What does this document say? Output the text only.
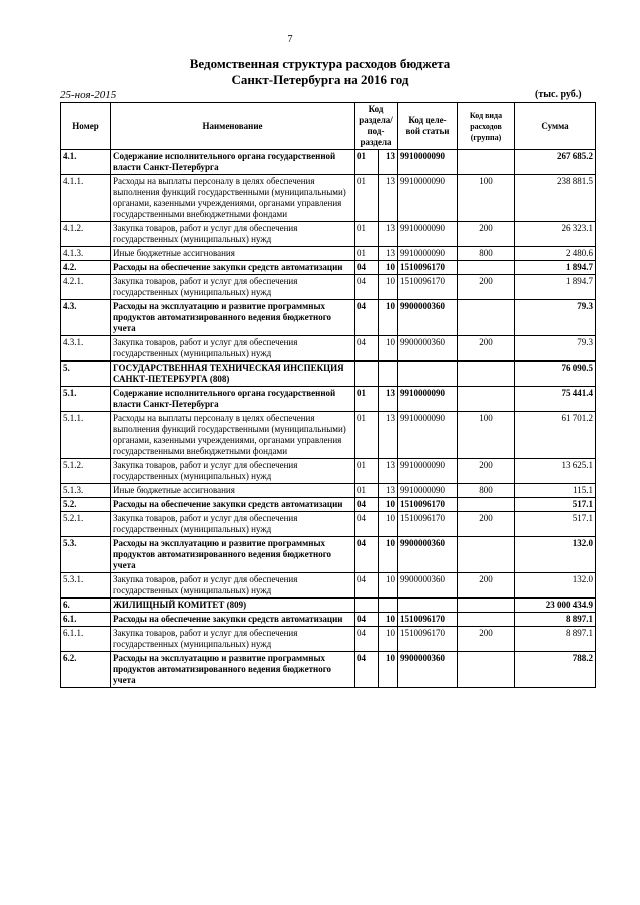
7
Ведомственная структура расходов бюджета
Санкт-Петербурга на 2016 год
25-ноя-2015	(тыс. руб.)
Номер	Наименование	Код раздела/ под- раздела		Код целе- вой статьи	Код вида расходов (группа)	Сумма
4.1.	Содержание исполнительного органа государственной власти Санкт-Петербурга	01	13	9910000090		267 685.2
4.1.1.	Расходы на выплаты персоналу в целях обеспечения выполнения функций государственными (муниципальными) органами, казенными учреждениями, органами управления государственными внебюджетными фондами	01	13	9910000090	100	238 881.5
4.1.2.	Закупка товаров, работ и услуг для обеспечения государственных (муниципальных) нужд	01	13	9910000090	200	26 323.1
4.1.3.	Иные бюджетные ассигнования	01	13	9910000090	800	2 480.6
4.2.	Расходы на обеспечение закупки средств автоматизации	04	10	1510096170		1 894.7
4.2.1.	Закупка товаров, работ и услуг для обеспечения государственных (муниципальных) нужд	04	10	1510096170	200	1 894.7
4.3.	Расходы на эксплуатацию и развитие программных продуктов автоматизированного ведения бюджетного учета	04	10	9900000360		79.3
4.3.1.	Закупка товаров, работ и услуг для обеспечения государственных (муниципальных) нужд	04	10	9900000360	200	79.3
5.	ГОСУДАРСТВЕННАЯ ТЕХНИЧЕСКАЯ ИНСПЕКЦИЯ САНКТ-ПЕТЕРБУРГА (808)					76 090.5
5.1.	Содержание исполнительного органа государственной власти Санкт-Петербурга	01	13	9910000090		75 441.4
5.1.1.	Расходы на выплаты персоналу в целях обеспечения выполнения функций государственными (муниципальными) органами, казенными учреждениями, органами управления государственными внебюджетными фондами	01	13	9910000090	100	61 701.2
5.1.2.	Закупка товаров, работ и услуг для обеспечения государственных (муниципальных) нужд	01	13	9910000090	200	13 625.1
5.1.3.	Иные бюджетные ассигнования	01	13	9910000090	800	115.1
5.2.	Расходы на обеспечение закупки средств автоматизации	04	10	1510096170		517.1
5.2.1.	Закупка товаров, работ и услуг для обеспечения государственных (муниципальных) нужд	04	10	1510096170	200	517.1
5.3.	Расходы на эксплуатацию и развитие программных продуктов автоматизированного ведения бюджетного учета	04	10	9900000360		132.0
5.3.1.	Закупка товаров, работ и услуг для обеспечения государственных (муниципальных) нужд	04	10	9900000360	200	132.0
6.	ЖИЛИЩНЫЙ КОМИТЕТ (809)					23 000 434.9
6.1.	Расходы на обеспечение закупки средств автоматизации	04	10	1510096170		8 897.1
6.1.1.	Закупка товаров, работ и услуг для обеспечения государственных (муниципальных) нужд	04	10	1510096170	200	8 897.1
6.2.	Расходы на эксплуатацию и развитие программных продуктов автоматизированного ведения бюджетного учета	04	10	9900000360		788.2
